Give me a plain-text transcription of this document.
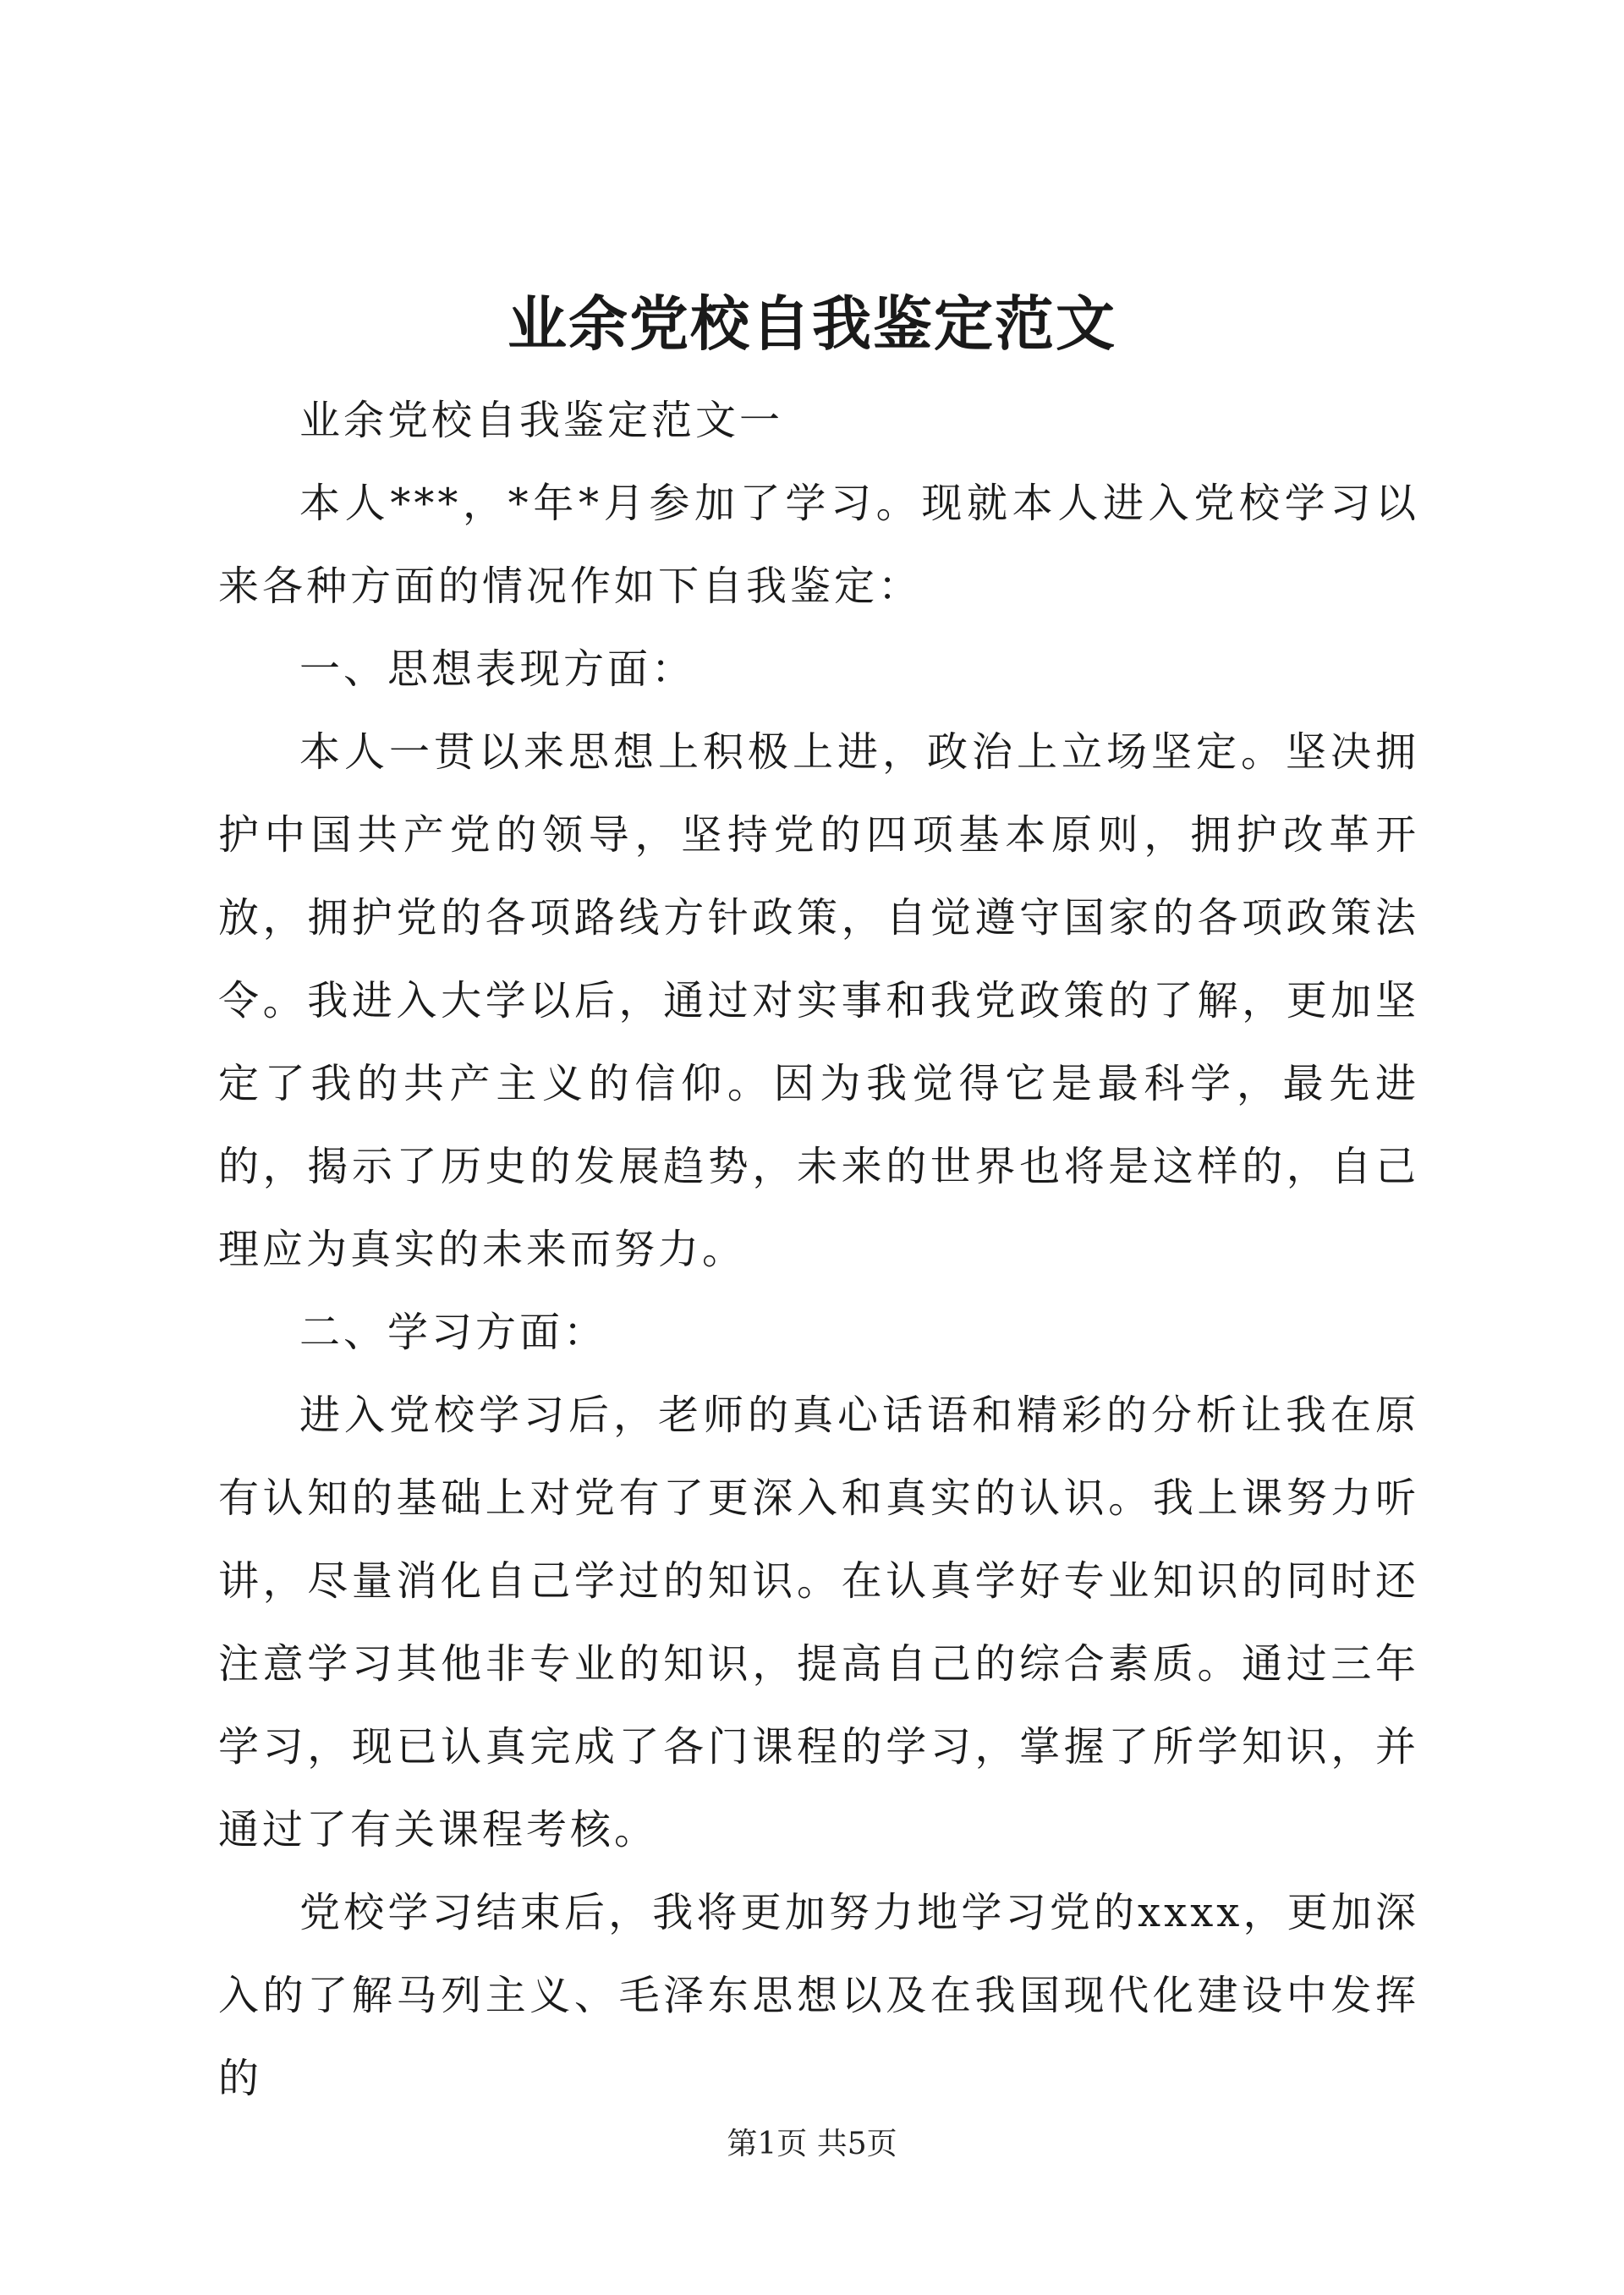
业余党校自我鉴定范文

业余党校自我鉴定范文一

本人***，*年*月参加了学习。现就本人进入党校学习以来各种方面的情况作如下自我鉴定：

一、思想表现方面：

本人一贯以来思想上积极上进，政治上立场坚定。坚决拥护中国共产党的领导，坚持党的四项基本原则，拥护改革开放，拥护党的各项路线方针政策，自觉遵守国家的各项政策法令。我进入大学以后，通过对实事和我党政策的了解，更加坚定了我的共产主义的信仰。因为我觉得它是最科学，最先进的，揭示了历史的发展趋势，未来的世界也将是这样的，自己理应为真实的未来而努力。

二、学习方面：

进入党校学习后，老师的真心话语和精彩的分析让我在原有认知的基础上对党有了更深入和真实的认识。我上课努力听讲，尽量消化自己学过的知识。在认真学好专业知识的同时还注意学习其他非专业的知识，提高自己的综合素质。通过三年学习，现已认真完成了各门课程的学习，掌握了所学知识，并通过了有关课程考核。

党校学习结束后，我将更加努力地学习党的xxxx，更加深入的了解马列主义、毛泽东思想以及在我国现代化建设中发挥的

第1页 共5页
